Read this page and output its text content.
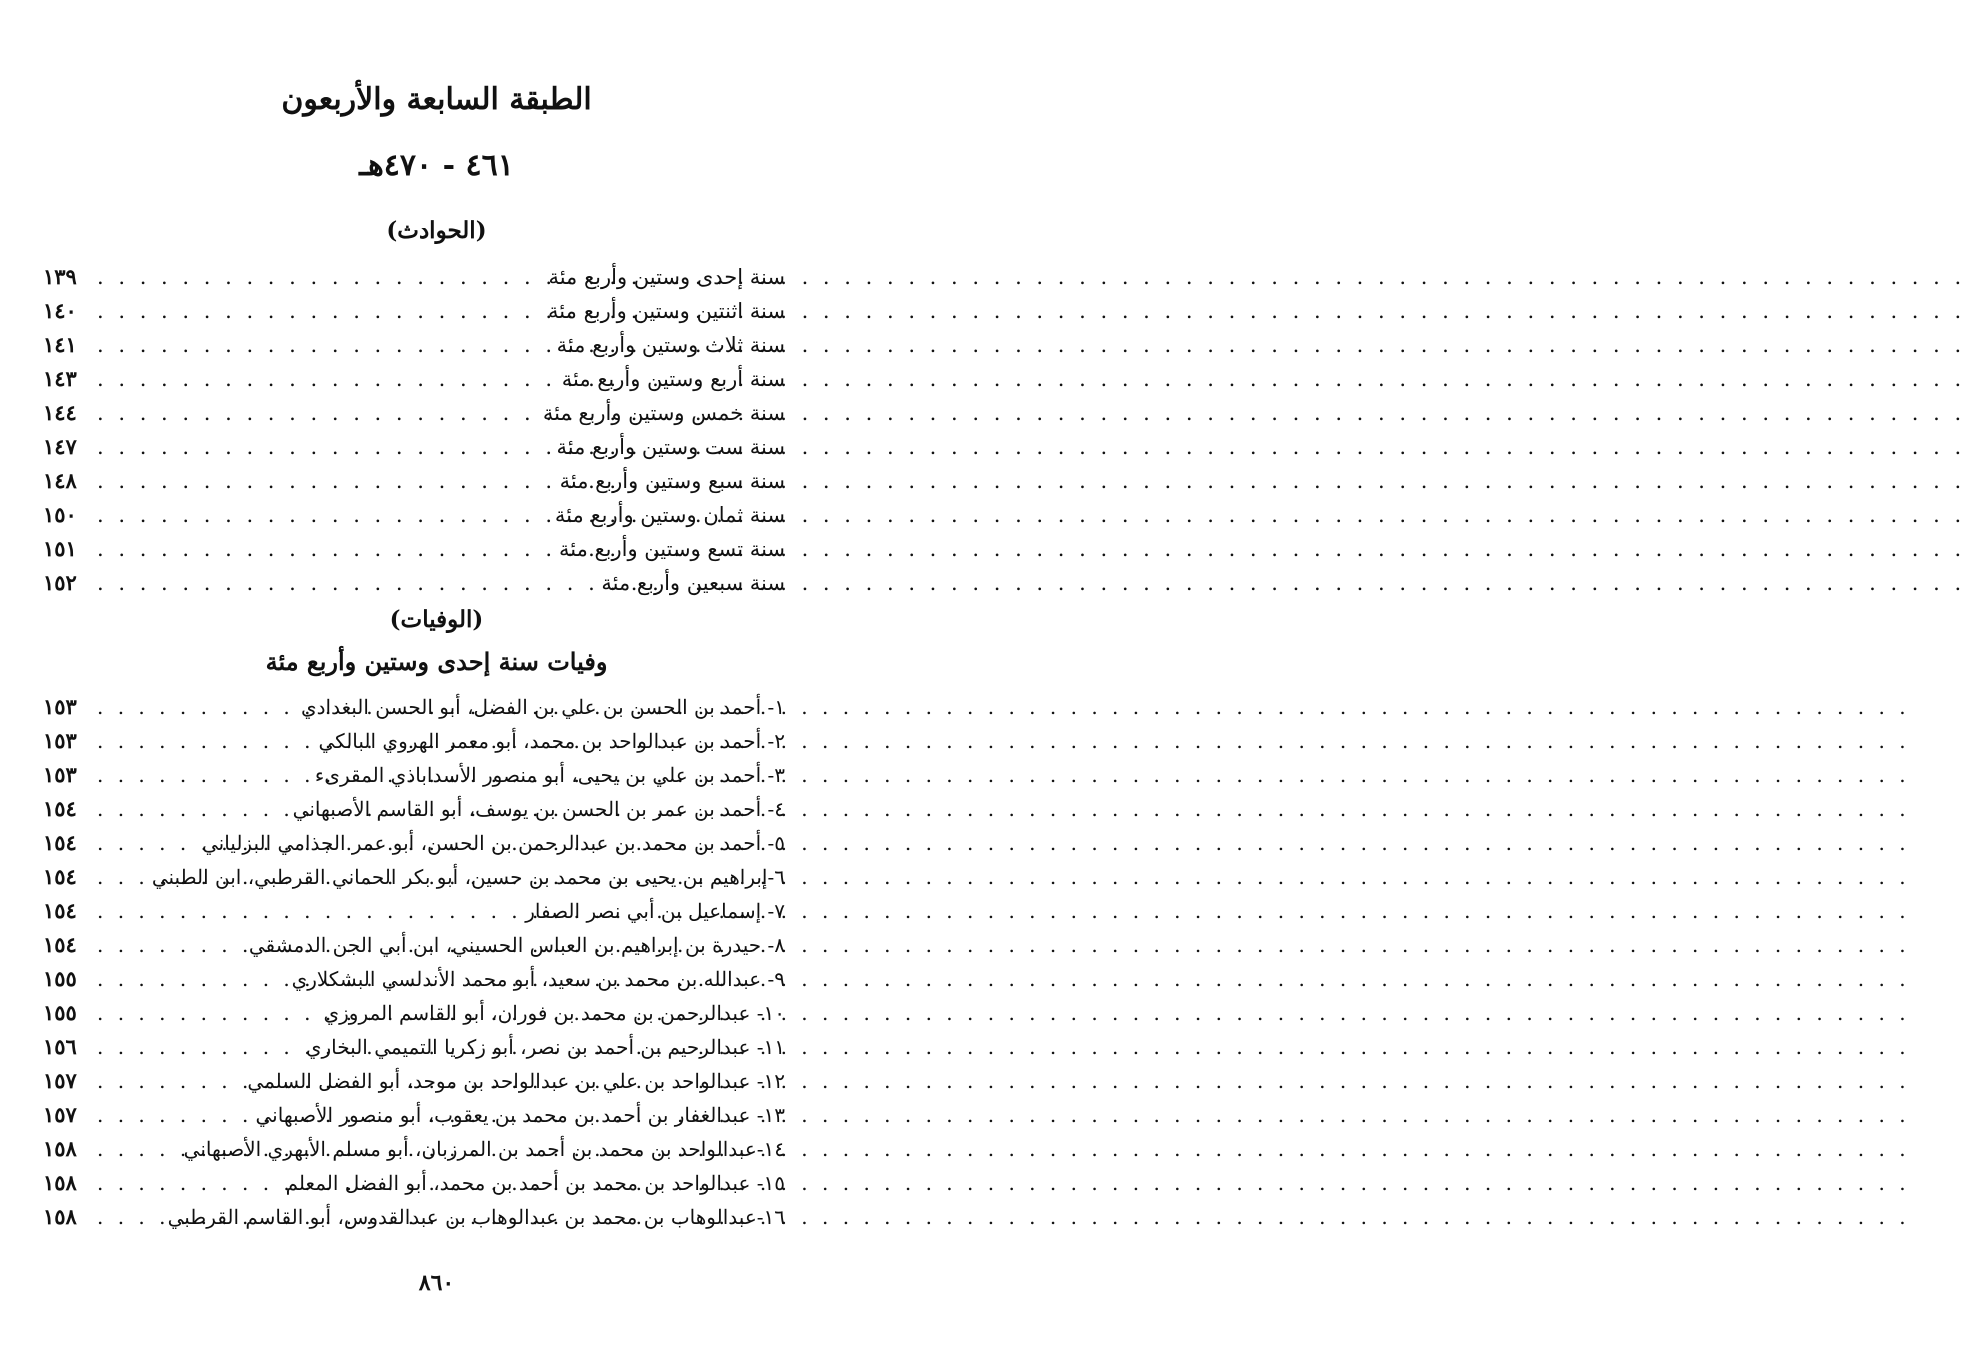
الطبقة السابعة والأربعون
٤٦١ - ٤٧٠هـ
(الحوادث)
سنة إحدى وستين وأربع مئة
. . .
١٣٩
سنة اثنتين وستين وأربع مئة
. . .
١٤٠
سنة ثلاث وستين وأربع مئة
. . .
١٤١
سنة أربع وستين وأربع مئة
. . .
١٤٣
سنة خمس وستين وأربع مئة
. . .
١٤٤
سنة ست وستين وأربع مئة
. . .
١٤٧
سنة سبع وستين وأربع مئة
. . .
١٤٨
سنة ثمان وستين وأربع مئة
. . .
١٥٠
سنة تسع وستين وأربع مئة
. . .
١٥١
سنة سبعين وأربع مئة
. . .
١٥٢
(الوفيات)
وفيات سنة إحدى وستين وأربع مئة
١- أحمد بن الحسن بن علي بن الفضل، أبو الحسن البغدادي
. . .
١٥٣
٢- أحمد بن عبدالواحد بن محمد، أبو معمر الهروي البالكي
. . .
١٥٣
٣- أحمد بن علي بن يحيى، أبو منصور الأسداباذي المقرىء
. . .
١٥٣
٤- أحمد بن عمر بن الحسن بن يوسف، أبو القاسم الأصبهاني
. . .
١٥٤
٥- أحمد بن محمد بن عبدالرحمن بن الحسن، أبو عمر الجذامي البزلياني
. . .
١٥٤
٦-إبراهيم بن يحيى بن محمد بن حسين، أبو بكر الحماني القرطبي، ابن الطبني
. . .
١٥٤
٧- إسماعيل بن أبي نصر الصفار
. . .
١٥٤
٨- حيدرة بن إبراهيم بن العباس الحسيني، ابن أبي الجن الدمشقي
. . .
١٥٤
٩- عبدالله بن محمد بن سعيد، أبو محمد الأندلسي البشكلاري
. . .
١٥٥
١٠- عبدالرحمن بن محمد بن فوران، أبو القاسم المروزي
. . .
١٥٥
١١- عبدالرحيم بن أحمد بن نصر، أبو زكريا التميمي البخاري
. . .
١٥٦
١٢- عبدالواحد بن علي بن عبدالواحد بن موحد، أبو الفضل السلمي
. . .
١٥٧
١٣- عبدالغفار بن أحمد بن محمد بن يعقوب، أبو منصور الأصبهاني
. . .
١٥٧
١٤-عبدالواحد بن محمد بن أحمد بن المرزبان، أبو مسلم الأبهري الأصبهاني
. . .
١٥٨
١٥- عبدالواحد بن محمد بن أحمد بن محمد، أبو الفضل المعلم
. . .
١٥٨
١٦-عبدالوهاب بن محمد بن عبدالوهاب بن عبدالقدوس، أبو القاسم القرطبي
. . .
١٥٨
٨٦٠
